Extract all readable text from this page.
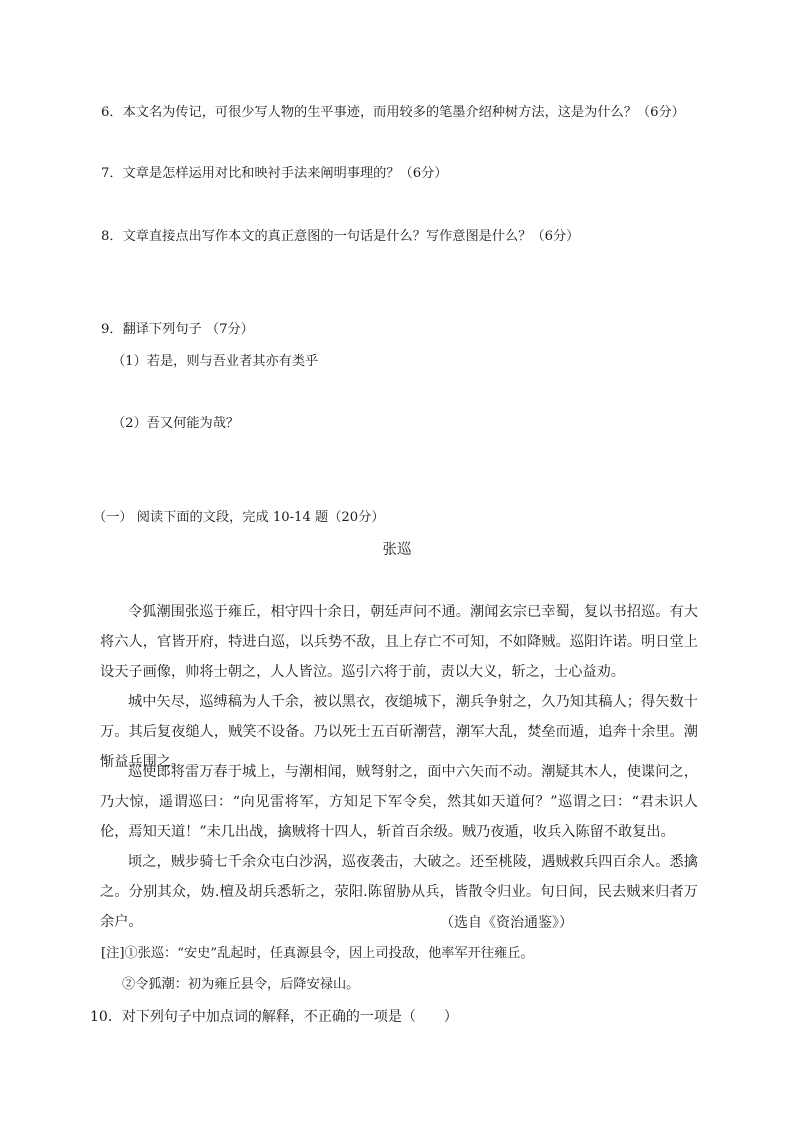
6．本文名为传记，可很少写人物的生平事迹，而用较多的笔墨介绍种树方法，这是为什么？（6分）
7．文章是怎样运用对比和映衬手法来阐明事理的？（6分）
8．文章直接点出写作本文的真正意图的一句话是什么？写作意图是什么？（6分）
9．翻译下列句子 （7分）
（1）若是，则与吾业者其亦有类乎
（2）吾又何能为哉？
（一） 阅读下面的文段，完成 10-14 题（20分）
张巡
令狐潮围张巡于雍丘，相守四十余日，朝廷声问不通。潮闻玄宗已幸蜀，复以书招巡。有大将六人，官皆开府，特进白巡，以兵势不敌，且上存亡不可知，不如降贼。巡阳许诺。明日堂上设天子画像，帅将士朝之，人人皆泣。巡引六将于前，责以大义，斩之，士心益劝。
城中矢尽，巡缚稿为人千余，被以黑衣，夜缒城下，潮兵争射之，久乃知其稿人；得矢数十万。其后复夜缒人，贼笑不设备。乃以死士五百斫潮营，潮军大乱，焚垒而遁，追奔十余里。潮惭益兵围之。
巡使郎将雷万春于城上，与潮相闻，贼弩射之，面中六矢而不动。潮疑其木人，使谍问之，乃大惊，遥谓巡曰：“向见雷将军，方知足下军令矣，然其如天道何？”巡谓之曰：“君未识人伦，焉知天道！”未几出战，擒贼将十四人，斩首百余级。贼乃夜遁，收兵入陈留不敢复出。
顷之，贼步骑七千余众屯白沙涡，巡夜袭击，大破之。还至桃陵，遇贼救兵四百余人。悉擒之。分别其众，妫.檀及胡兵悉斩之，荥阳.陈留胁从兵，皆散令归业。旬日间，民去贼来归者万余户。	（选自《资治通鉴》）
[注]①张巡：“安史”乱起时，任真源县令，因上司投敌，他率军开往雍丘。
②令狐潮：初为雍丘县令，后降安禄山。
10．对下列句子中加点词的解释，不正确的一项是（　　）
